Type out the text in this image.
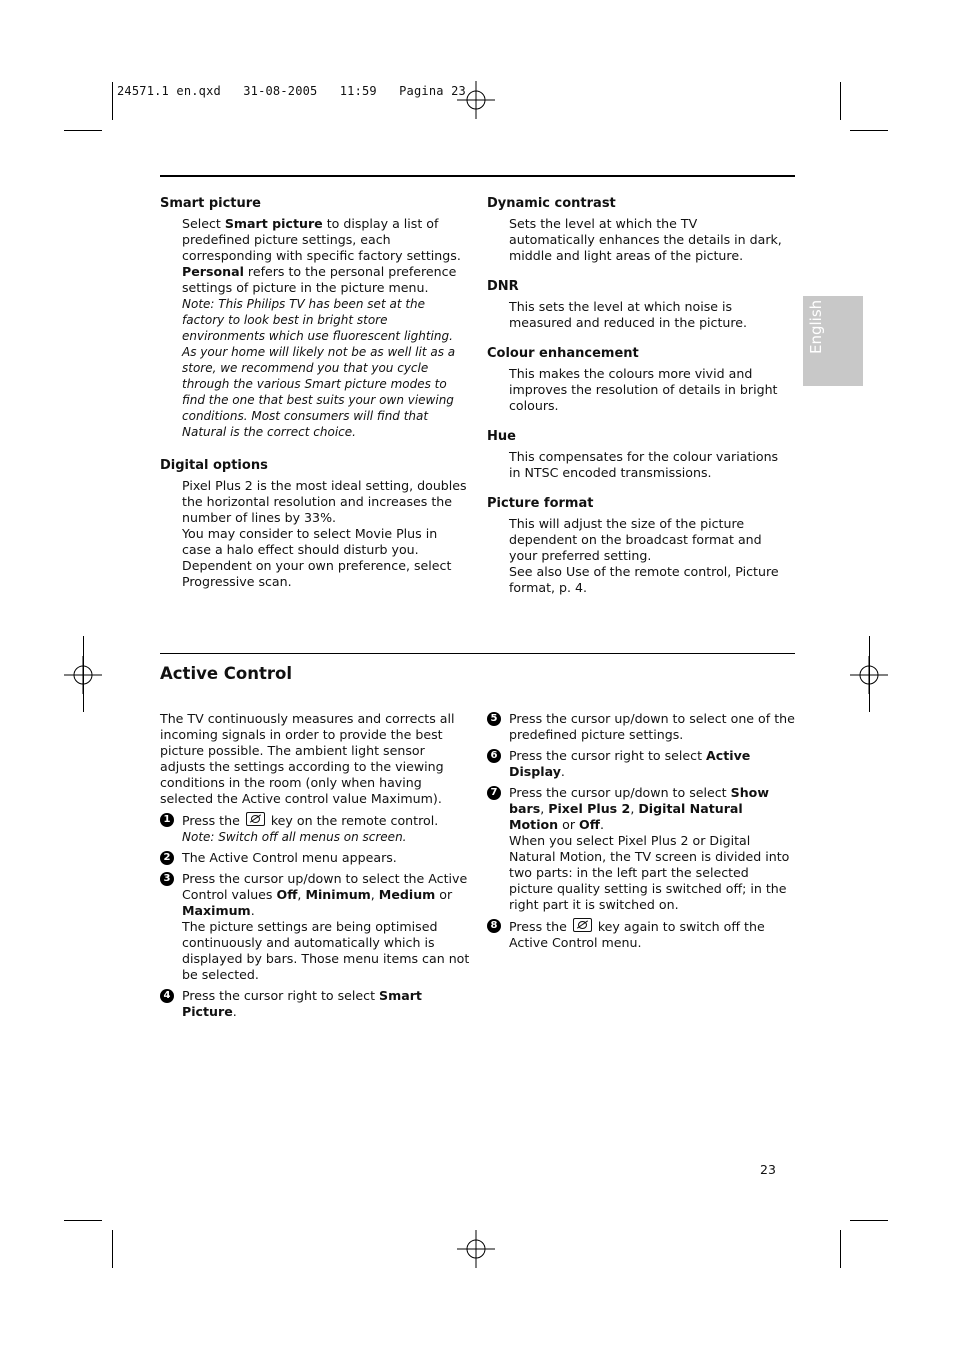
24571.1 en.qxd   31-08-2005   11:59   Pagina 23
English
Smart picture
Select Smart picture to display a list of predefined picture settings, each corresponding with specific factory settings.
Personal refers to the personal preference settings of picture in the picture menu.
Note: This Philips TV has been set at the factory to look best in bright store environments which use fluorescent lighting. As your home will likely not be as well lit as a store, we recommend you that you cycle through the various Smart picture modes to find the one that best suits your own viewing conditions. Most consumers will find that Natural is the correct choice.
Digital options
Pixel Plus 2 is the most ideal setting, doubles the horizontal resolution and increases the number of lines by 33%.
You may consider to select Movie Plus in case a halo effect should disturb you. Dependent on your own preference, select Progressive scan.
Dynamic contrast
Sets the level at which the TV automatically enhances the details in dark, middle and light areas of the picture.
DNR
This sets the level at which noise is measured and reduced in the picture.
Colour enhancement
This makes the colours more vivid and improves the resolution of details in bright colours.
Hue
This compensates for the colour variations in NTSC encoded transmissions.
Picture format
This will adjust the size of the picture dependent on the broadcast format and your preferred setting.
See also Use of the remote control, Picture format, p. 4.
Active Control
The TV continuously measures and corrects all incoming signals in order to provide the best picture possible. The ambient light sensor adjusts the settings according to the viewing conditions in the room (only when having selected the Active control value Maximum).
1 Press the  key on the remote control.
Note: Switch off all menus on screen.
2 The Active Control menu appears.
3 Press the cursor up/down to select the Active Control values Off, Minimum, Medium or Maximum.
The picture settings are being optimised continuously and automatically which is displayed by bars. Those menu items can not be selected.
4 Press the cursor right to select Smart Picture.
5 Press the cursor up/down to select one of the predefined picture settings.
6 Press the cursor right to select Active Display.
7 Press the cursor up/down to select Show bars, Pixel Plus 2, Digital Natural Motion or Off.
When you select Pixel Plus 2 or Digital Natural Motion, the TV screen is divided into two parts: in the left part the selected picture quality setting is switched off; in the right part it is switched on.
8 Press the  key again to switch off the Active Control menu.
23
